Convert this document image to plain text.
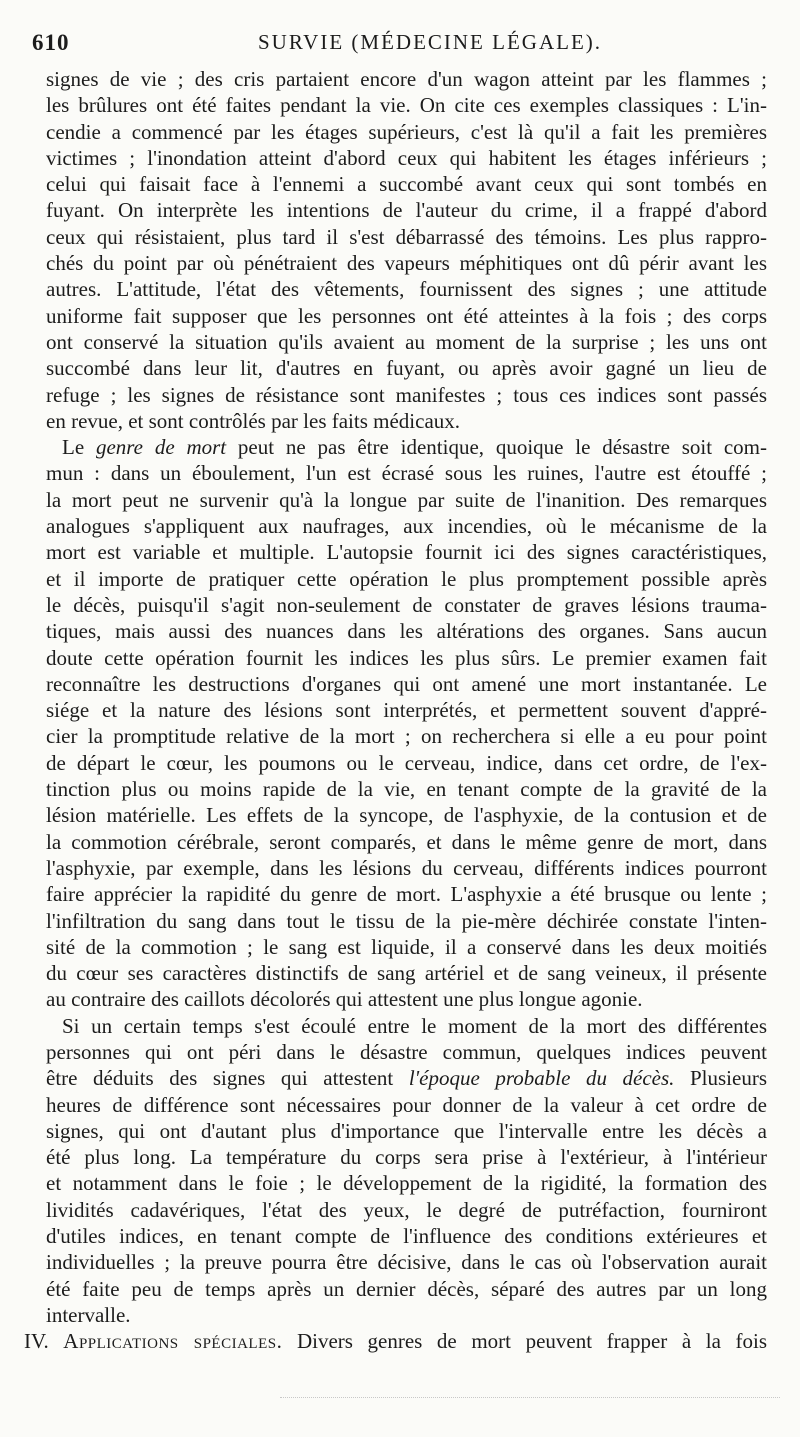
610	SURVIE (MÉDECINE LÉGALE).

signes de vie ; des cris partaient encore d'un wagon atteint par les flammes ;
les brûlures ont été faites pendant la vie. On cite ces exemples classiques : L'in-
cendie a commencé par les étages supérieurs, c'est là qu'il a fait les premières
victimes ; l'inondation atteint d'abord ceux qui habitent les étages inférieurs ;
celui qui faisait face à l'ennemi a succombé avant ceux qui sont tombés en
fuyant. On interprète les intentions de l'auteur du crime, il a frappé d'abord
ceux qui résistaient, plus tard il s'est débarrassé des témoins. Les plus rappro-
chés du point par où pénétraient des vapeurs méphitiques ont dû périr avant les
autres. L'attitude, l'état des vêtements, fournissent des signes ; une attitude
uniforme fait supposer que les personnes ont été atteintes à la fois ; des corps
ont conservé la situation qu'ils avaient au moment de la surprise ; les uns ont
succombé dans leur lit, d'autres en fuyant, ou après avoir gagné un lieu de
refuge ; les signes de résistance sont manifestes ; tous ces indices sont passés
en revue, et sont contrôlés par les faits médicaux.

Le genre de mort peut ne pas être identique, quoique le désastre soit com-
mun : dans un éboulement, l'un est écrasé sous les ruines, l'autre est étouffé ;
la mort peut ne survenir qu'à la longue par suite de l'inanition. Des remarques
analogues s'appliquent aux naufrages, aux incendies, où le mécanisme de la
mort est variable et multiple. L'autopsie fournit ici des signes caractéristiques,
et il importe de pratiquer cette opération le plus promptement possible après
le décès, puisqu'il s'agit non-seulement de constater de graves lésions trauma-
tiques, mais aussi des nuances dans les altérations des organes. Sans aucun
doute cette opération fournit les indices les plus sûrs. Le premier examen fait
reconnaître les destructions d'organes qui ont amené une mort instantanée. Le
siége et la nature des lésions sont interprétés, et permettent souvent d'appré-
cier la promptitude relative de la mort ; on recherchera si elle a eu pour point
de départ le cœur, les poumons ou le cerveau, indice, dans cet ordre, de l'ex-
tinction plus ou moins rapide de la vie, en tenant compte de la gravité de la
lésion matérielle. Les effets de la syncope, de l'asphyxie, de la contusion et de
la commotion cérébrale, seront comparés, et dans le même genre de mort, dans
l'asphyxie, par exemple, dans les lésions du cerveau, différents indices pourront
faire apprécier la rapidité du genre de mort. L'asphyxie a été brusque ou lente ;
l'infiltration du sang dans tout le tissu de la pie-mère déchirée constate l'inten-
sité de la commotion ; le sang est liquide, il a conservé dans les deux moitiés
du cœur ses caractères distinctifs de sang artériel et de sang veineux, il présente
au contraire des caillots décolorés qui attestent une plus longue agonie.

Si un certain temps s'est écoulé entre le moment de la mort des différentes
personnes qui ont péri dans le désastre commun, quelques indices peuvent
être déduits des signes qui attestent l'époque probable du décès. Plusieurs
heures de différence sont nécessaires pour donner de la valeur à cet ordre de
signes, qui ont d'autant plus d'importance que l'intervalle entre les décès a
été plus long. La température du corps sera prise à l'extérieur, à l'intérieur
et notamment dans le foie ; le développement de la rigidité, la formation des
lividités cadavériques, l'état des yeux, le degré de putréfaction, fourniront
d'utiles indices, en tenant compte de l'influence des conditions extérieures et
individuelles ; la preuve pourra être décisive, dans le cas où l'observation aurait
été faite peu de temps après un dernier décès, séparé des autres par un long
intervalle.

IV. Applications spéciales. Divers genres de mort peuvent frapper à la fois
